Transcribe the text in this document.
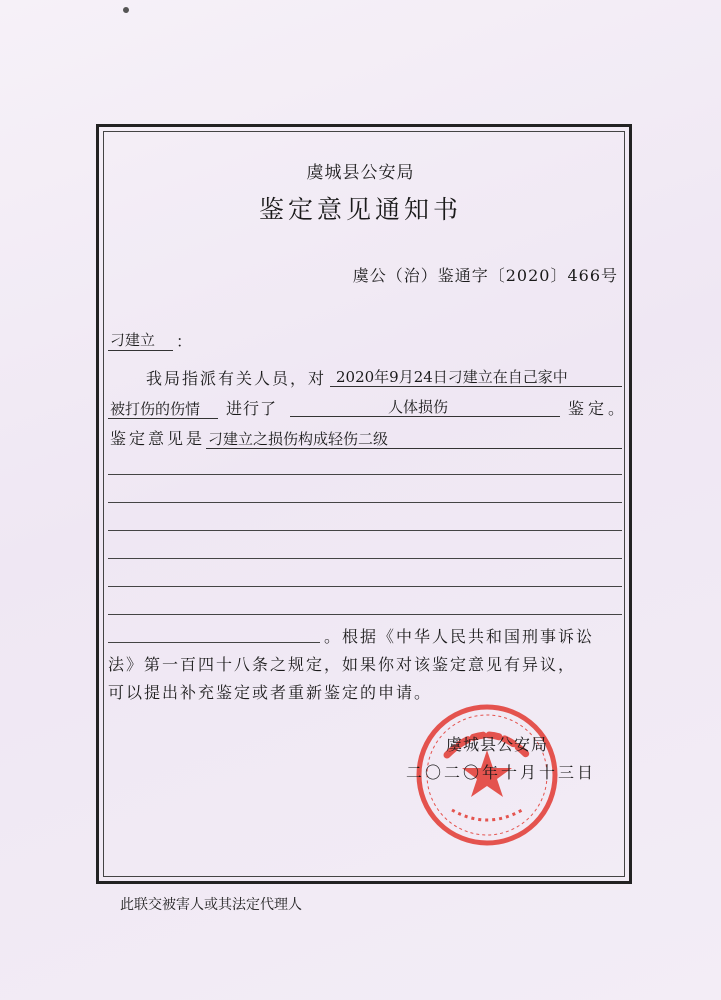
虞城县公安局
鉴定意见通知书
虞公（治）鉴通字〔2020〕466号
刁建立 ：
我局指派有关人员，对 2020年9月24日刁建立在自己家中
被打伤的伤情 进行了	人体损伤	鉴定。
鉴定意见是 刁建立之损伤构成轻伤二级
。根据《中华人民共和国刑事诉讼
法》第一百四十八条之规定，如果你对该鉴定意见有异议，
可以提出补充鉴定或者重新鉴定的申请。
虞城县公安局
二〇二〇年十月十三日
此联交被害人或其法定代理人
